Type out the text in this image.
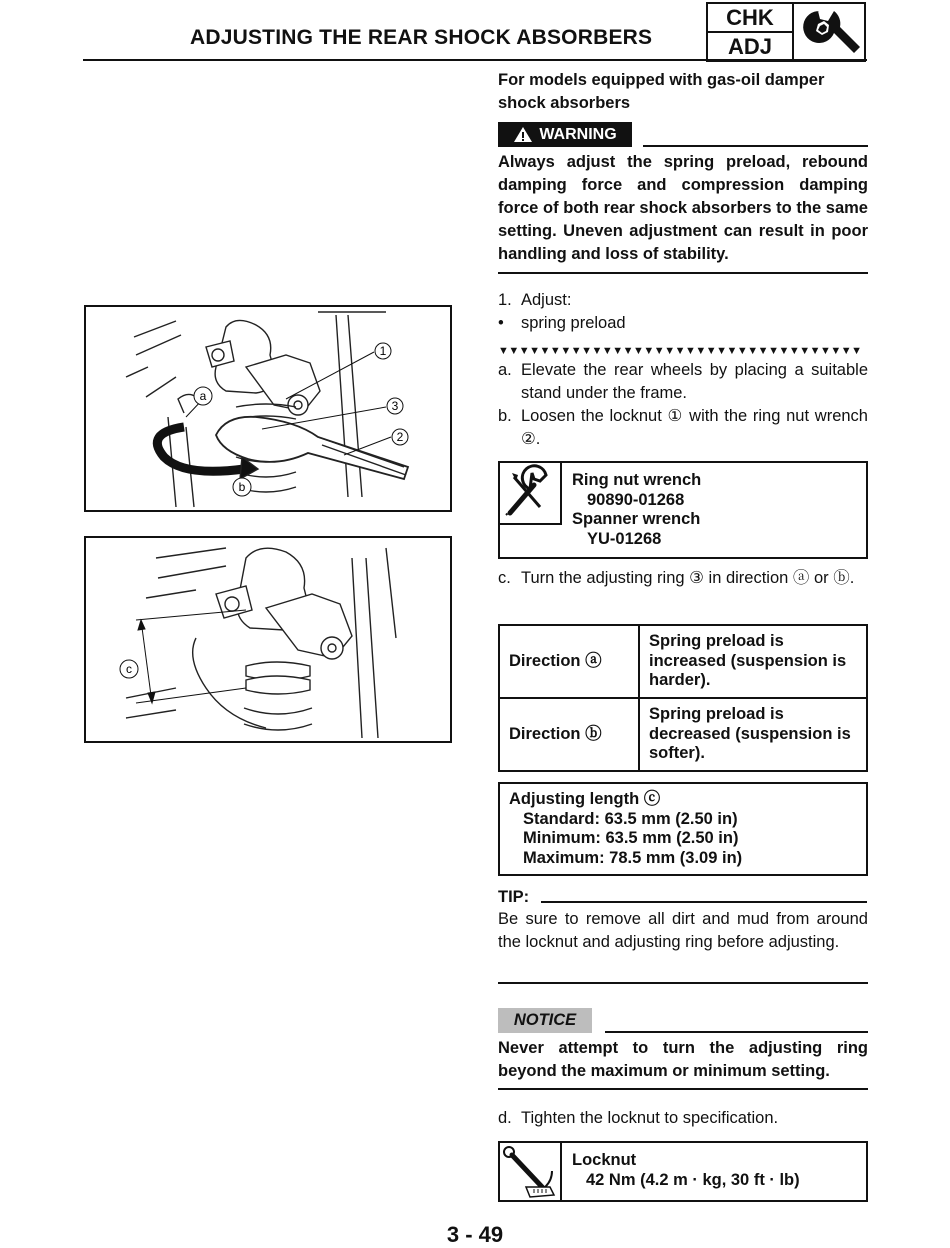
ADJUSTING THE REAR SHOCK ABSORBERS
CHK
ADJ
For models equipped with gas-oil damper shock absorbers
WARNING
Always adjust the spring preload, rebound damping force and compression damping force of both rear shock absorbers to the same setting. Uneven adjustment can result in poor handling and loss of stability.
1. Adjust:
•	spring preload
▼▼▼▼▼▼▼▼▼▼▼▼▼▼▼▼▼▼▼▼▼▼▼▼▼▼▼▼▼▼▼▼▼▼▼
a. Elevate the rear wheels by placing a suitable stand under the frame.
b. Loosen the locknut ① with the ring nut wrench ②.
Ring nut wrench
90890-01268
Spanner wrench
YU-01268
c. Turn the adjusting ring ③ in direction ⓐ or ⓑ.
Direction ⓐ	Spring preload is increased (suspension is harder).
Direction ⓑ	Spring preload is decreased (suspension is softer).
Adjusting length ⓒ
Standard: 63.5 mm (2.50 in)
Minimum: 63.5 mm (2.50 in)
Maximum: 78.5 mm (3.09 in)
TIP:
Be sure to remove all dirt and mud from around the locknut and adjusting ring before adjusting.
NOTICE
Never attempt to turn the adjusting ring beyond the maximum or minimum setting.
d. Tighten the locknut to specification.
Locknut
42 Nm (4.2 m · kg, 30 ft · lb)
1
3
2
a
b
c
3 - 49
